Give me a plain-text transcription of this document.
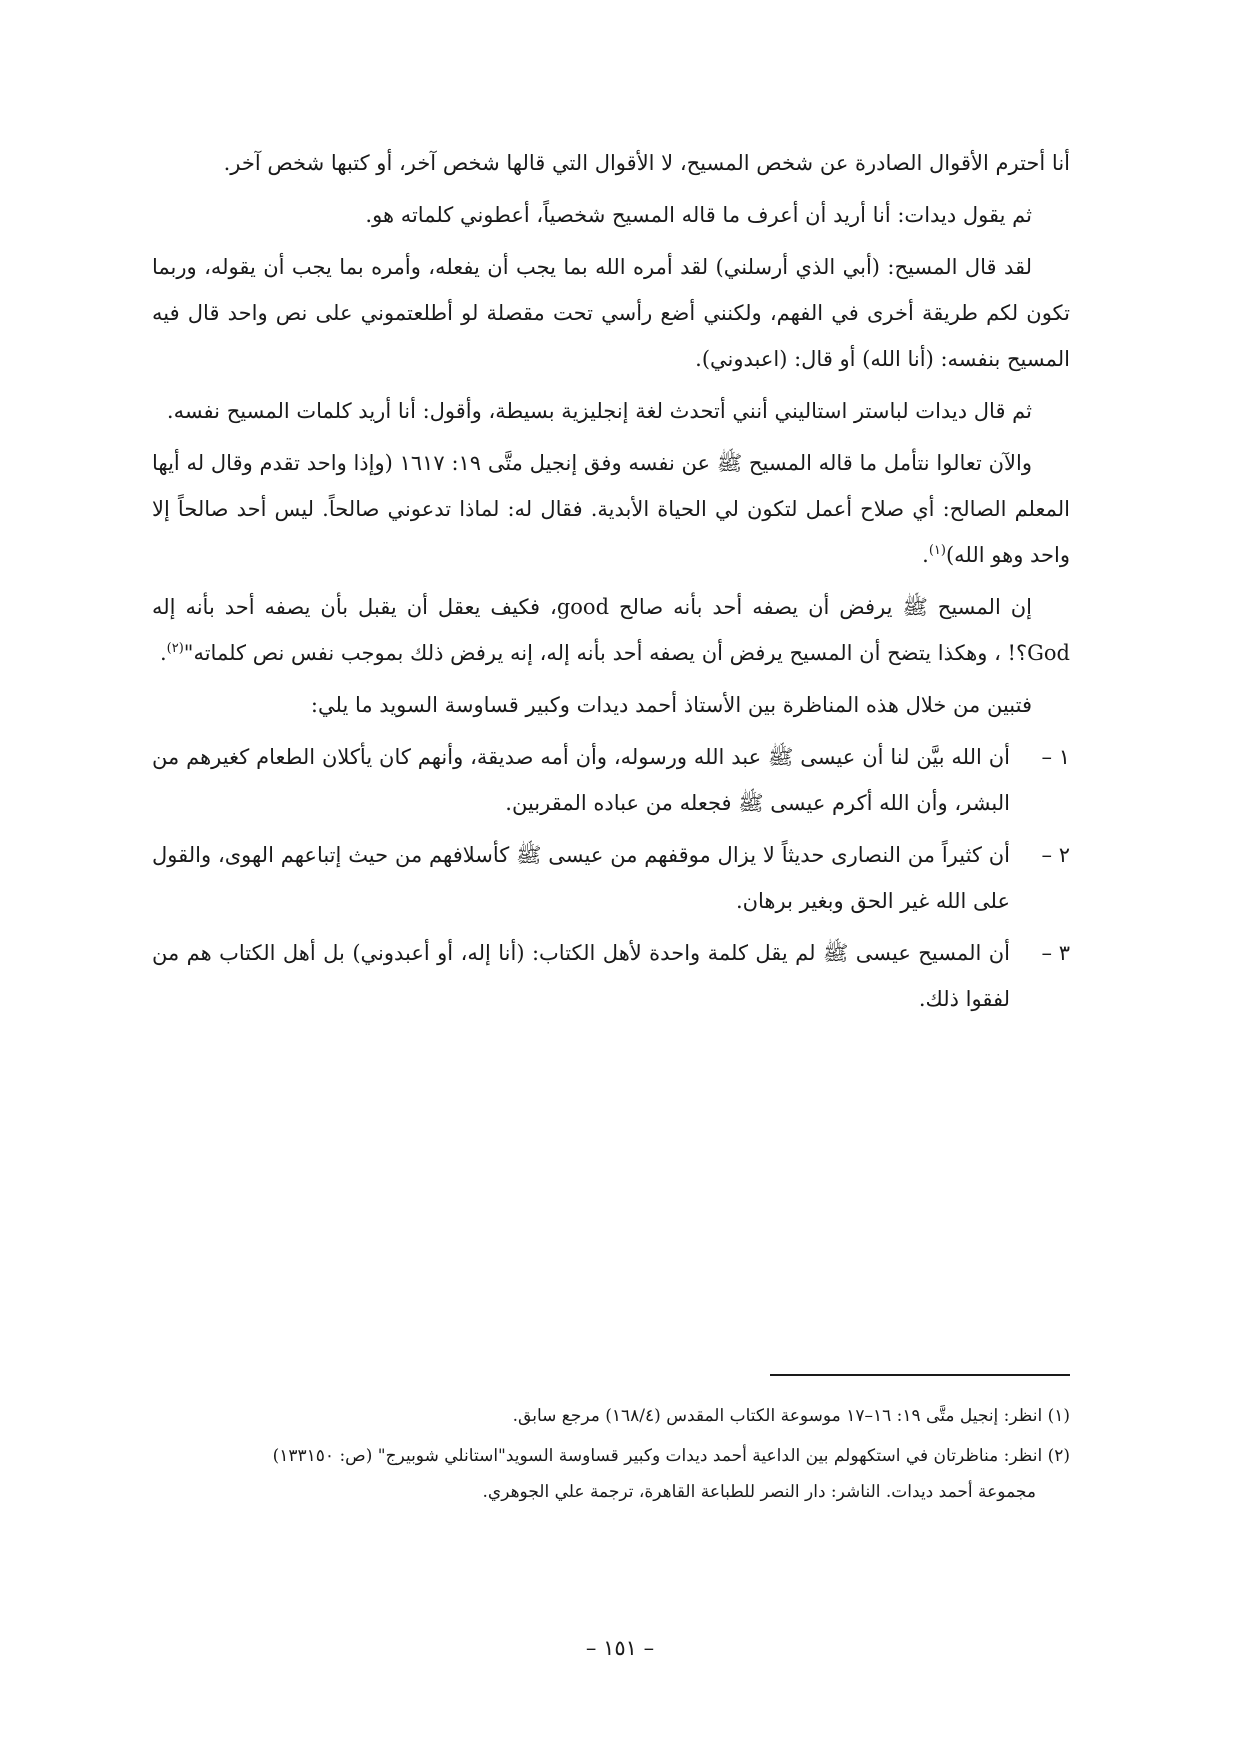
أنا أحترم الأقوال الصادرة عن شخص المسيح، لا الأقوال التي قالها شخص آخر، أو كتبها شخص آخر.

ثم يقول ديدات: أنا أريد أن أعرف ما قاله المسيح شخصياً، أعطوني كلماته هو.

لقد قال المسيح: (أبي الذي أرسلني) لقد أمره الله بما يجب أن يفعله، وأمره بما يجب أن يقوله، وربما تكون لكم طريقة أخرى في الفهم، ولكنني أضع رأسي تحت مقصلة لو أطلعتموني على نص واحد قال فيه المسيح بنفسه: (أنا الله) أو قال: (اعبدوني).

ثم قال ديدات لباستر استاليني أنني أتحدث لغة إنجليزية بسيطة، وأقول: أنا أريد كلمات المسيح نفسه.

والآن تعالوا نتأمل ما قاله المسيح ﷺ عن نفسه وفق إنجيل متَّى ١٩: ١٦١٧ (وإذا واحد تقدم وقال له أيها المعلم الصالح: أي صلاح أعمل لتكون لي الحياة الأبدية. فقال له: لماذا تدعوني صالحاً. ليس أحد صالحاً إلا واحد وهو الله)$^{(١)}$.

إن المسيح ﷺ يرفض أن يصفه أحد بأنه صالح good، فكيف يعقل أن يقبل بأن يصفه أحد بأنه إله God؟! ، وهكذا يتضح أن المسيح يرفض أن يصفه أحد بأنه إله، إنه يرفض ذلك بموجب نفس نص كلماته"$^{(٢)}$.

فتبين من خلال هذه المناظرة بين الأستاذ أحمد ديدات وكبير قساوسة السويد ما يلي:

١ –
أن الله بيَّن لنا أن عيسى ﷺ عبد الله ورسوله، وأن أمه صديقة، وأنهم كان يأكلان الطعام كغيرهم من البشر، وأن الله أكرم عيسى ﷺ فجعله من عباده المقربين.
٢ –
أن كثيراً من النصارى حديثاً لا يزال موقفهم من عيسى ﷺ كأسلافهم من حيث إتباعهم الهوى، والقول على الله غير الحق وبغير برهان.
٣ –
أن المسيح عيسى ﷺ لم يقل كلمة واحدة لأهل الكتاب: (أنا إله، أو أعبدوني) بل أهل الكتاب هم من لفقوا ذلك.

(١) انظر: إنجيل متَّى ١٩: ١٦–١٧ موسوعة الكتاب المقدس (١٦٨/٤) مرجع سابق.

(٢) انظر: مناظرتان في استكهولم بين الداعية أحمد ديدات وكبير قساوسة السويد"استانلي شوبيرج" (ص: ١٣٣١٥٠)
مجموعة أحمد ديدات. الناشر: دار النصر للطباعة القاهرة، ترجمة علي الجوهري.

– ١٥١ –
